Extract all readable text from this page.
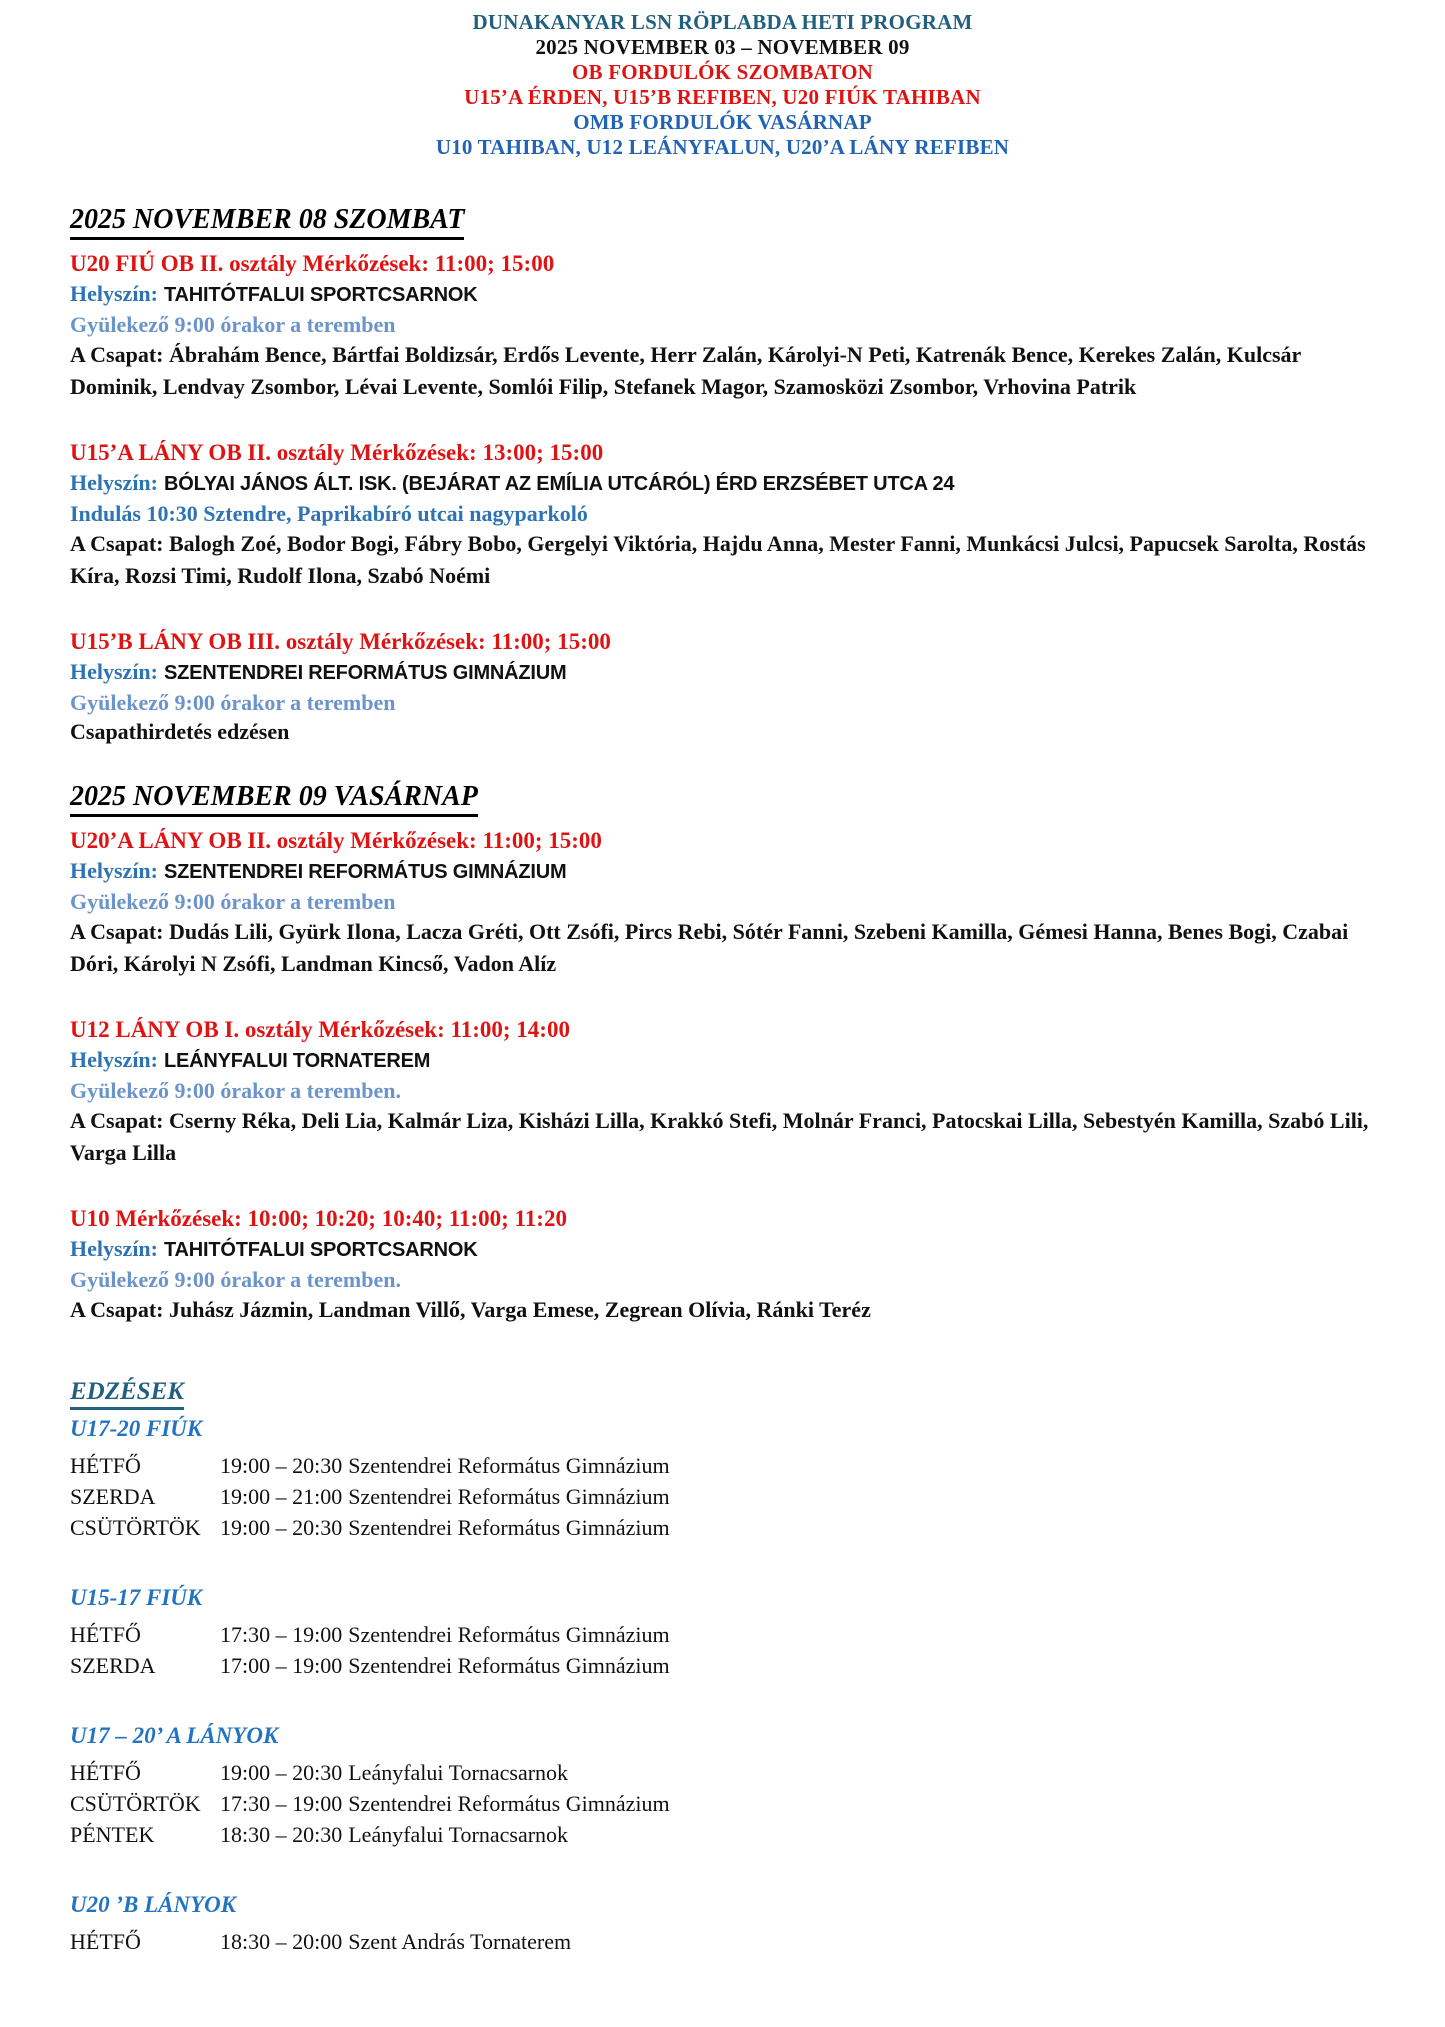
DUNAKANYAR LSN RÖPLABDA HETI PROGRAM
2025 NOVEMBER 03 – NOVEMBER 09
OB FORDULÓK SZOMBATON
U15’A ÉRDEN, U15’B REFIBEN, U20 FIÚK TAHIBAN
OMB FORDULÓK VASÁRNAP
U10 TAHIBAN, U12 LEÁNYFALUN, U20’A LÁNY REFIBEN
2025 NOVEMBER 08 SZOMBAT
U20 FIÚ OB II. osztály Mérkőzések: 11:00; 15:00
Helyszín: TAHITÓTFALUI SPORTCSARNOK
Gyülekező 9:00 órakor a teremben
A Csapat: Ábrahám Bence, Bártfai Boldizsár, Erdős Levente, Herr Zalán, Károlyi-N Peti, Katrenák Bence, Kerekes Zalán, Kulcsár Dominik, Lendvay Zsombor, Lévai Levente, Somlói Filip, Stefanek Magor, Szamosközi Zsombor, Vrhovina Patrik
U15’A LÁNY OB II. osztály Mérkőzések: 13:00; 15:00
Helyszín: BÓLYAI JÁNOS ÁLT. ISK. (BEJÁRAT AZ EMÍLIA UTCÁRÓL) ÉRD ERZSÉBET UTCA 24
Indulás 10:30 Sztendre, Paprikabíró utcai nagyparkoló
A Csapat: Balogh Zoé, Bodor Bogi, Fábry Bobo, Gergelyi Viktória, Hajdu Anna, Mester Fanni, Munkácsi Julcsi, Papucsek Sarolta, Rostás Kíra, Rozsi Timi, Rudolf Ilona, Szabó Noémi
U15’B LÁNY OB III. osztály Mérkőzések: 11:00; 15:00
Helyszín: SZENTENDREI REFORMÁTUS GIMNÁZIUM
Gyülekező 9:00 órakor a teremben
Csapathirdetés edzésen
2025 NOVEMBER 09 VASÁRNAP
U20’A LÁNY OB II. osztály Mérkőzések: 11:00; 15:00
Helyszín: SZENTENDREI REFORMÁTUS GIMNÁZIUM
Gyülekező 9:00 órakor a teremben
A Csapat: Dudás Lili, Gyürk Ilona, Lacza Gréti, Ott Zsófi, Pircs Rebi, Sótér Fanni, Szebeni Kamilla, Gémesi Hanna, Benes Bogi, Czabai Dóri, Károlyi N Zsófi, Landman Kincső, Vadon Alíz
U12 LÁNY OB I. osztály Mérkőzések: 11:00; 14:00
Helyszín: LEÁNYFALUI TORNATEREM
Gyülekező 9:00 órakor a teremben.
A Csapat: Cserny Réka, Deli Lia, Kalmár Liza, Kisházi Lilla, Krakkó Stefi, Molnár Franci, Patocskai Lilla, Sebestyén Kamilla, Szabó Lili, Varga Lilla
U10 Mérkőzések: 10:00; 10:20; 10:40; 11:00; 11:20
Helyszín: TAHITÓTFALUI SPORTCSARNOK
Gyülekező 9:00 órakor a teremben.
A Csapat: Juhász Jázmin, Landman Villő, Varga Emese, Zegrean Olívia, Ránki Teréz
EDZÉSEK
U17-20 FIÚK
HÉTFŐ	19:00 – 20:30 Szentendrei Református Gimnázium
SZERDA	19:00 – 21:00 Szentendrei Református Gimnázium
CSÜTÖRTÖK 19:00 – 20:30 Szentendrei Református Gimnázium
U15-17 FIÚK
HÉTFŐ	17:30 – 19:00 Szentendrei Református Gimnázium
SZERDA	17:00 – 19:00 Szentendrei Református Gimnázium
U17 – 20’ A LÁNYOK
HÉTFŐ	19:00 – 20:30 Leányfalui Tornacsarnok
CSÜTÖRTÖK 17:30 – 19:00 Szentendrei Református Gimnázium
PÉNTEK	18:30 – 20:30 Leányfalui Tornacsarnok
U20 ’B LÁNYOK
HÉTFŐ	18:30 – 20:00 Szent András Tornaterem
